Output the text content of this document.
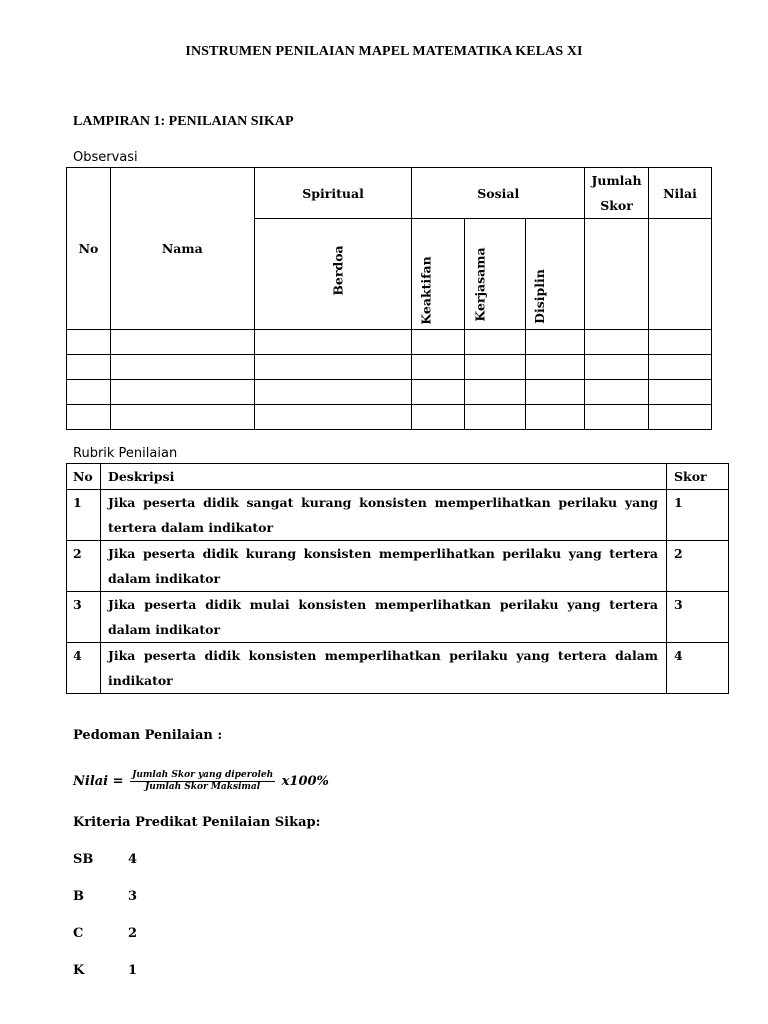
INSTRUMEN PENILAIAN MAPEL MATEMATIKA KELAS XI
LAMPIRAN 1: PENILAIAN SIKAP
Observasi
No	Nama	Spiritual	Sosial			Jumlah Skor	Nilai

		Berdoa	Keaktifan	Kerjasama	Disiplin		

Rubrik Penilaian
No	Deskripsi	Skor
1	Jika peserta didik sangat kurang konsisten memperlihatkan perilaku yang tertera dalam indikator	1
2	Jika peserta didik kurang konsisten memperlihatkan perilaku yang tertera dalam indikator	2
3	Jika peserta didik mulai konsisten memperlihatkan perilaku yang tertera dalam indikator	3
4	Jika peserta didik konsisten memperlihatkan perilaku yang tertera dalam indikator	4
Pedoman Penilaian :
Nilai = $\frac{\text{Jumlah Skor yang diperoleh}}{\text{Jumlah Skor Maksimal}} x100\%$
Kriteria Predikat Penilaian Sikap:
SB	4
B	3
C	2
K	1
